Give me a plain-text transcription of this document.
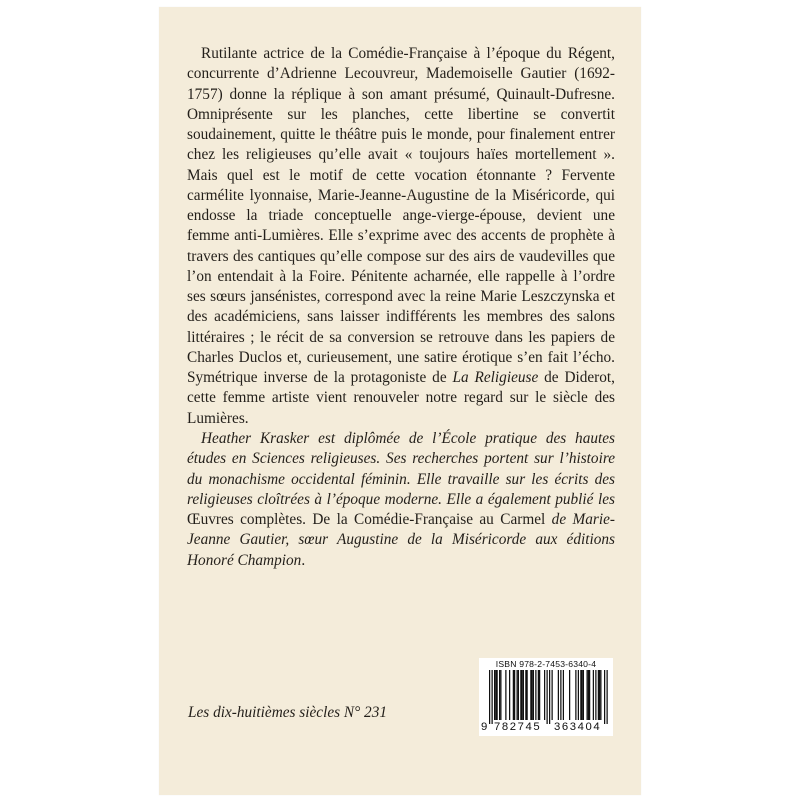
Rutilante actrice de la Comédie-Française à l’époque du Régent, concurrente d’Adrienne Lecouvreur, Mademoiselle Gautier (1692-1757) donne la réplique à son amant présumé, Quinault-Dufresne. Omniprésente sur les planches, cette libertine se convertit soudainement, quitte le théâtre puis le monde, pour finalement entrer chez les religieuses qu’elle avait « toujours haïes mortellement ». Mais quel est le motif de cette vocation étonnante ? Fervente carmélite lyonnaise, Marie-Jeanne-Augustine de la Miséricorde, qui endosse la triade conceptuelle ange-vierge-épouse, devient une femme anti-Lumières. Elle s’exprime avec des accents de prophète à travers des cantiques qu’elle compose sur des airs de vaudevilles que l’on entendait à la Foire. Pénitente acharnée, elle rappelle à l’ordre ses sœurs jansénistes, correspond avec la reine Marie Leszczynska et des académiciens, sans laisser indifférents les membres des salons littéraires ; le récit de sa conversion se retrouve dans les papiers de Charles Duclos et, curieusement, une satire érotique s’en fait l’écho. Symétrique inverse de la protagoniste de La Religieuse de Diderot, cette femme artiste vient renouveler notre regard sur le siècle des Lumières.

Heather Krasker est diplômée de l’École pratique des hautes études en Sciences religieuses. Ses recherches portent sur l’histoire du monachisme occidental féminin. Elle travaille sur les écrits des religieuses cloîtrées à l’époque moderne. Elle a également publié les Œuvres complètes. De la Comédie-Française au Carmel de Marie-Jeanne Gautier, sœur Augustine de la Miséricorde aux éditions Honoré Champion.

Les dix-huitièmes siècles N° 231

ISBN 978-2-7453-6340-4
9 782745 363404
